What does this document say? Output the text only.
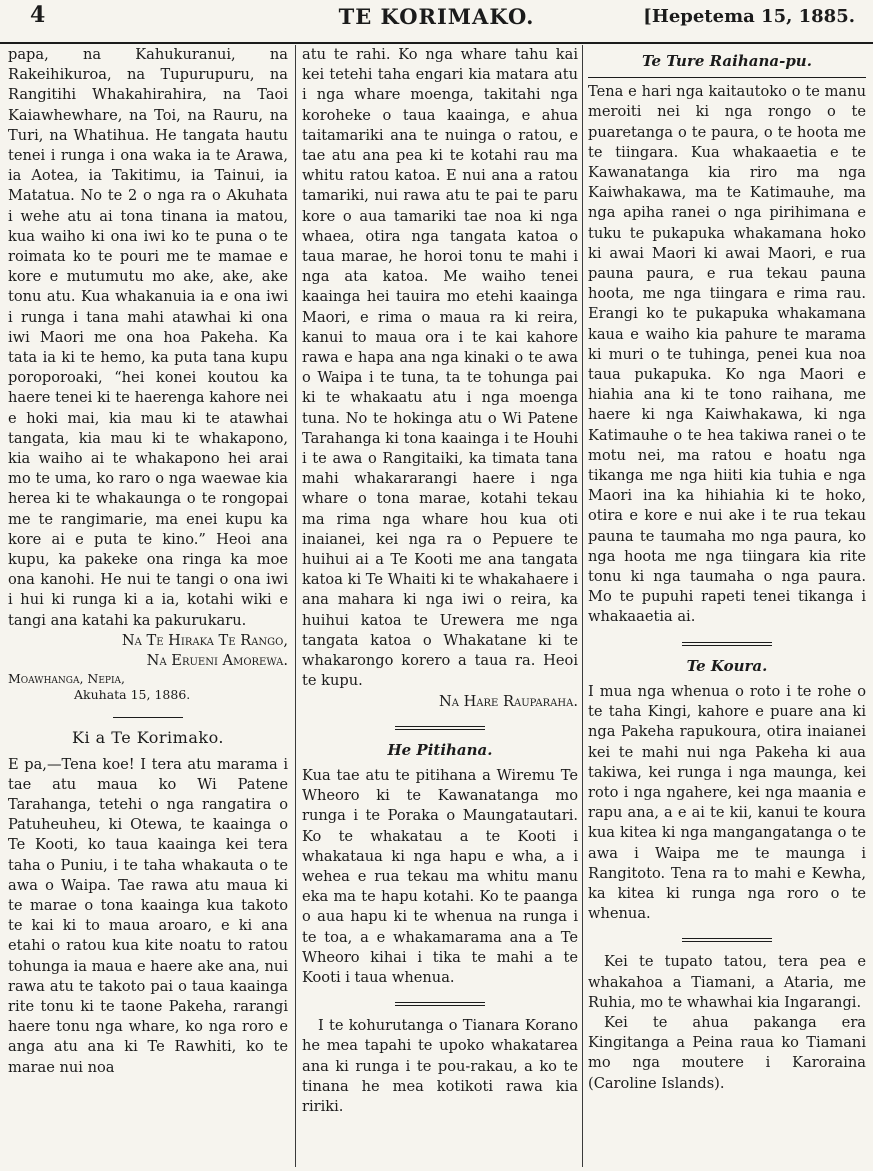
4	TE KORIMAKO.	[Hepetema 15, 1885.

papa, na Kahukuranui, na Rakeihikuroa, na Tupurupuru, na Rangitihi Whakahirahira, na Taoi Kaiawhewhare, na Toi, na Rauru, na Turi, na Whatihua. He tangata hautu tenei i runga i ona waka ia te Arawa, ia Aotea, ia Takitimu, ia Tainui, ia Matatua. No te 2 o nga ra o Akuhata i wehe atu ai tona tinana ia matou, kua waiho ki ona iwi ko te puna o te roimata ko te pouri me te mamae e kore e mutumutu mo ake, ake, ake tonu atu. Kua whakanuia ia e ona iwi i runga i tana mahi atawhai ki ona iwi Maori me ona hoa Pakeha. Ka tata ia ki te hemo, ka puta tana kupu poroporoaki, “hei konei koutou ka haere tenei ki te haerenga kahore nei e hoki mai, kia mau ki te atawhai tangata, kia mau ki te whakapono, kia waiho ai te whakapono hei arai mo te uma, ko raro o nga waewae kia herea ki te whakaunga o te rongopai me te rangimarie, ma enei kupu ka kore ai e puta te kino.” Heoi ana kupu, ka pakeke ona ringa ka moe ona kanohi. He nui te tangi o ona iwi i hui ki runga ki a ia, kotahi wiki e tangi ana katahi ka pakurukaru.

Na Te Hiraka Te Rango,

Na Erueni Amorewa.

Moawhanga, Nepia,

Akuhata 15, 1886.

Ki a Te Korimako.

E pa,—Tena koe! I tera atu marama i tae atu maua ko Wi Patene Tarahanga, tetehi o nga rangatira o Patuheuheu, ki Otewa, te kaainga o Te Kooti, ko taua kaainga kei tera taha o Puniu, i te taha whakauta o te awa o Waipa. Tae rawa atu maua ki te marae o tona kaainga kua takoto te kai ki to maua aroaro, e ki ana etahi o ratou kua kite noatu to ratou tohunga ia maua e haere ake ana, nui rawa atu te takoto pai o taua kaainga rite tonu ki te taone Pakeha, rarangi haere tonu nga whare, ko nga roro e anga atu ana ki Te Rawhiti, ko te marae nui noa

atu te rahi. Ko nga whare tahu kai kei tetehi taha engari kia matara atu i nga whare moenga, takitahi nga koroheke o taua kaainga, e ahua taitamariki ana te nuinga o ratou, e tae atu ana pea ki te kotahi rau ma whitu ratou katoa. E nui ana a ratou tamariki, nui rawa atu te pai te paru kore o aua tamariki tae noa ki nga whaea, otira nga tangata katoa o taua marae, he horoi tonu te mahi i nga ata katoa. Me waiho tenei kaainga hei tauira mo etehi kaainga Maori, e rima o maua ra ki reira, kanui to maua ora i te kai kahore rawa e hapa ana nga kinaki o te awa o Waipa i te tuna, ta te tohunga pai ki te whakaatu atu i nga moenga tuna. No te hokinga atu o Wi Patene Tarahanga ki tona kaainga i te Houhi i te awa o Rangitaiki, ka timata tana mahi whakararangi haere i nga whare o tona marae, kotahi tekau ma rima nga whare hou kua oti inaianei, kei nga ra o Pepuere te huihui ai a Te Kooti me ana tangata katoa ki Te Whaiti ki te whakahaere i ana mahara ki nga iwi o reira, ka huihui katoa te Urewera me nga tangata katoa o Whakatane ki te whakarongo korero a taua ra. Heoi te kupu.

Na Hare Rauparaha.

He Pitihana.

Kua tae atu te pitihana a Wiremu Te Wheoro ki te Kawanatanga mo runga i te Poraka o Maungatautari. Ko te whakatau a te Kooti i whakataua ki nga hapu e wha, a i wehea e rua tekau ma whitu manu eka ma te hapu kotahi. Ko te paanga o aua hapu ki te whenua na runga i te toa, a e whakamarama ana a Te Wheoro kihai i tika te mahi a te Kooti i taua whenua.

I te kohurutanga o Tianara Korano he mea tapahi te upoko whakatarea ana ki runga i te pou-rakau, a ko te tinana he mea kotikoti rawa kia ririki.

Te Ture Raihana-pu.

Tena e hari nga kaitautoko o te manu meroiti nei ki nga rongo o te puaretanga o te paura, o te hoota me te tiingara. Kua whakaaetia e te Kawanatanga kia riro ma nga Kaiwhakawa, ma te Katimauhe, ma nga apiha ranei o nga pirihimana e tuku te pukapuka whakamana hoko ki awai Maori ki awai Maori, e rua pauna paura, e rua tekau pauna hoota, me nga tiingara e rima rau. Erangi ko te pukapuka whakamana kaua e waiho kia pahure te marama ki muri o te tuhinga, penei kua noa taua pukapuka. Ko nga Maori e hiahia ana ki te tono raihana, me haere ki nga Kaiwhakawa, ki nga Katimauhe o te hea takiwa ranei o te motu nei, ma ratou e hoatu nga tikanga me nga hiiti kia tuhia e nga Maori ina ka hihiahia ki te hoko, otira e kore e nui ake i te rua tekau pauna te taumaha mo nga paura, ko nga hoota me nga tiingara kia rite tonu ki nga taumaha o nga paura. Mo te pupuhi rapeti tenei tikanga i whakaaetia ai.

Te Koura.

I mua nga whenua o roto i te rohe o te taha Kingi, kahore e puare ana ki nga Pakeha rapukoura, otira inaianei kei te mahi nui nga Pakeha ki aua takiwa, kei runga i nga maunga, kei roto i nga ngahere, kei nga maania e rapu ana, a e ai te kii, kanui te koura kua kitea ki nga mangangatanga o te awa i Waipa me te maunga i Rangitoto. Tena ra to mahi e Kewha, ka kitea ki runga nga roro o te whenua.

Kei te tupato tatou, tera pea e whakahoa a Tiamani, a Ataria, me Ruhia, mo te whawhai kia Ingarangi.

Kei te ahua pakanga era Kingitanga a Peina raua ko Tiamani mo nga moutere i Karoraina (Caroline Islands).
